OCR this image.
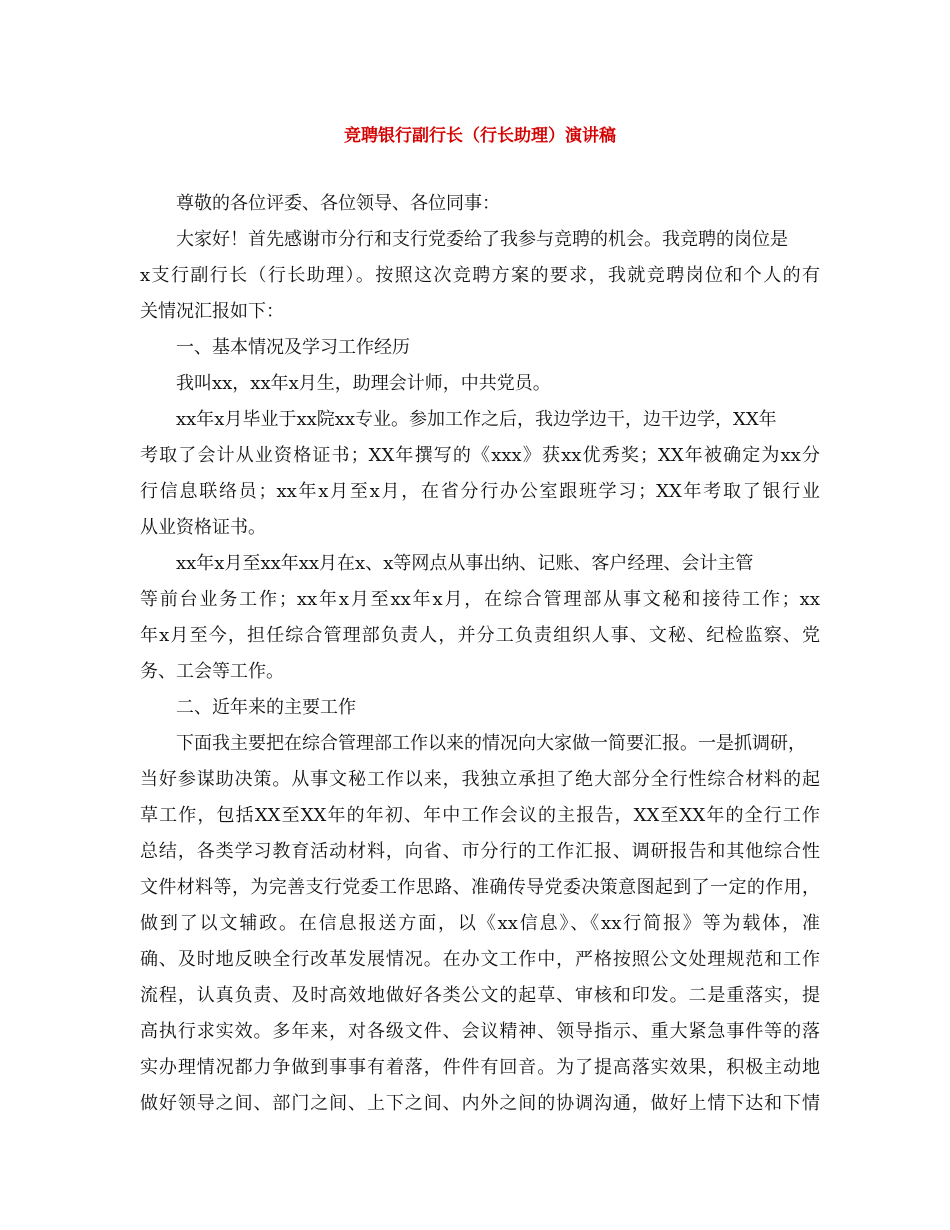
竞聘银行副行长（行长助理）演讲稿
尊敬的各位评委、各位领导、各位同事：
大家好！首先感谢市分行和支行党委给了我参与竞聘的机会。我竞聘的岗位是
x支行副行长（行长助理）。按照这次竞聘方案的要求，我就竞聘岗位和个人的有
关情况汇报如下：
一、基本情况及学习工作经历
我叫xx，xx年x月生，助理会计师，中共党员。
xx年x月毕业于xx院xx专业。参加工作之后，我边学边干，边干边学，XX年
考取了会计从业资格证书；XX年撰写的《xxx》获xx优秀奖；XX年被确定为xx分
行信息联络员；xx年x月至x月，在省分行办公室跟班学习；XX年考取了银行业
从业资格证书。
xx年x月至xx年xx月在x、x等网点从事出纳、记账、客户经理、会计主管
等前台业务工作；xx年x月至xx年x月，在综合管理部从事文秘和接待工作；xx
年x月至今，担任综合管理部负责人，并分工负责组织人事、文秘、纪检监察、党
务、工会等工作。
二、近年来的主要工作
下面我主要把在综合管理部工作以来的情况向大家做一简要汇报。一是抓调研，
当好参谋助决策。从事文秘工作以来，我独立承担了绝大部分全行性综合材料的起
草工作，包括XX至XX年的年初、年中工作会议的主报告，XX至XX年的全行工作
总结，各类学习教育活动材料，向省、市分行的工作汇报、调研报告和其他综合性
文件材料等，为完善支行党委工作思路、准确传导党委决策意图起到了一定的作用，
做到了以文辅政。在信息报送方面，以《xx信息》、《xx行简报》等为载体，准
确、及时地反映全行改革发展情况。在办文工作中，严格按照公文处理规范和工作
流程，认真负责、及时高效地做好各类公文的起草、审核和印发。二是重落实，提
高执行求实效。多年来，对各级文件、会议精神、领导指示、重大紧急事件等的落
实办理情况都力争做到事事有着落，件件有回音。为了提高落实效果，积极主动地
做好领导之间、部门之间、上下之间、内外之间的协调沟通，做好上情下达和下情
